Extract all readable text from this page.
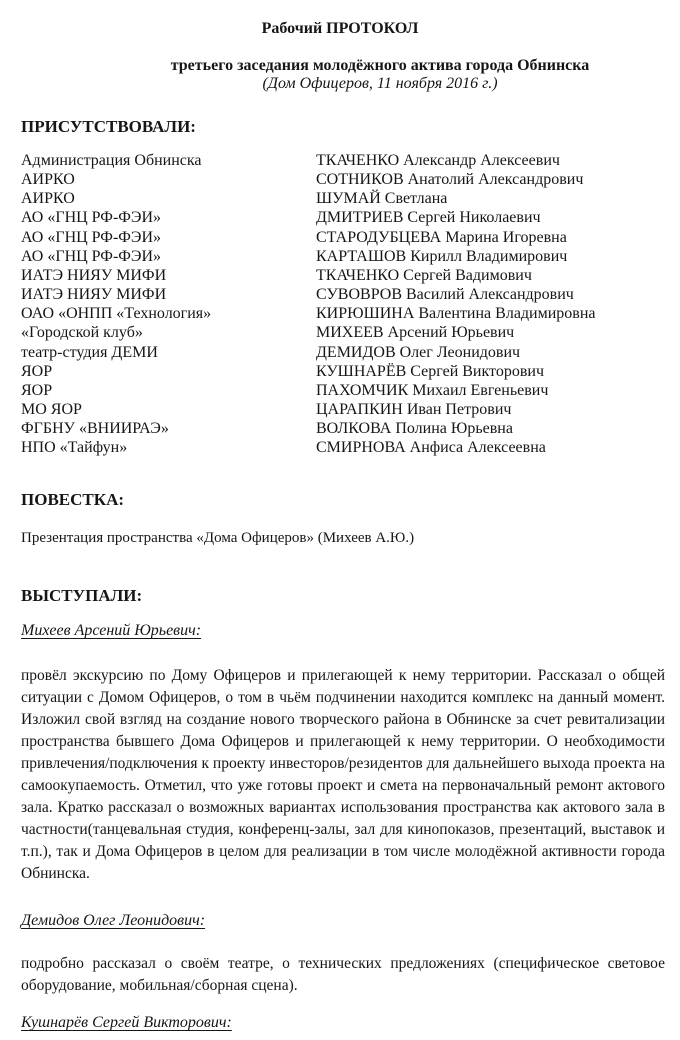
Рабочий ПРОТОКОЛ
третьего заседания молодёжного актива города Обнинска
(Дом Офицеров, 11 ноября 2016 г.)
ПРИСУТСТВОВАЛИ:
Администрация Обнинска
АИРКО
АИРКО
АО «ГНЦ РФ-ФЭИ»
АО «ГНЦ РФ-ФЭИ»
АО «ГНЦ РФ-ФЭИ»
ИАТЭ НИЯУ МИФИ
ИАТЭ НИЯУ МИФИ
ОАО «ОНПП «Технология»
«Городской клуб»
театр-студия ДЕМИ
ЯОР
ЯОР
МО ЯОР
ФГБНУ «ВНИИРАЭ»
НПО «Тайфун»
ТКАЧЕНКО Александр Алексеевич
СОТНИКОВ Анатолий Александрович
ШУМАЙ Светлана
ДМИТРИЕВ Сергей Николаевич
СТАРОДУБЦЕВА Марина Игоревна
КАРТАШОВ Кирилл Владимирович
ТКАЧЕНКО Сергей Вадимович
СУВОВРОВ Василий Александрович
КИРЮШИНА Валентина Владимировна
МИХЕЕВ Арсений Юрьевич
ДЕМИДОВ Олег Леонидович
КУШНАРЁВ Сергей Викторович
ПАХОМЧИК Михаил Евгеньевич
ЦАРАПКИН Иван Петрович
ВОЛКОВА Полина Юрьевна
СМИРНОВА Анфиса Алексеевна
ПОВЕСТКА:
Презентация пространства «Дома Офицеров» (Михеев А.Ю.)
ВЫСТУПАЛИ:
Михеев Арсений Юрьевич:

провёл экскурсию по Дому Офицеров и прилегающей к нему территории. Рассказал о общей ситуации с Домом Офицеров, о том в чьём подчинении находится комплекс на данный момент. Изложил свой взгляд на создание нового творческого района в Обнинске за счет ревитализации пространства бывшего Дома Офицеров и прилегающей к нему территории. О необходимости привлечения/подключения к проекту инвесторов/резидентов для дальнейшего выхода проекта на самоокупаемость. Отметил, что уже готовы проект и смета на первоначальный ремонт актового зала. Кратко рассказал о возможных вариантах использования пространства как актового зала в частности(танцевальная студия, конференц-залы, зал для кинопоказов, презентаций, выставок и т.п.), так и Дома Офицеров в целом для реализации в том числе молодёжной активности города Обнинска.

Демидов Олег Леонидович:

подробно рассказал о своём театре, о технических предложениях (специфическое световое оборудование, мобильная/сборная сцена).

Кушнарёв Сергей Викторович:
